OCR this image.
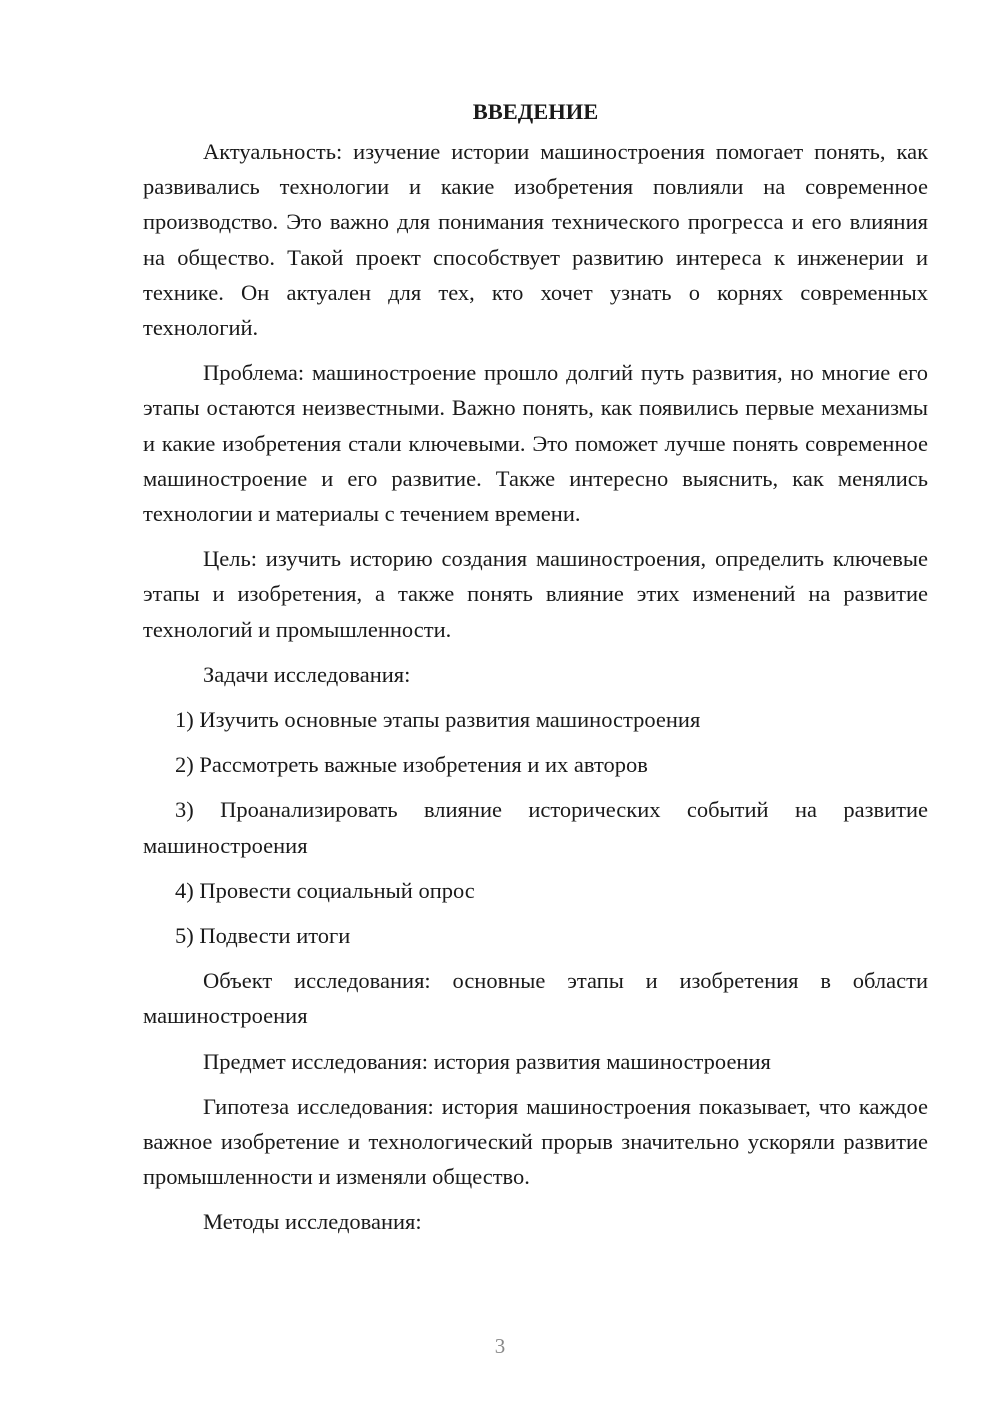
ВВЕДЕНИЕ

Актуальность: изучение истории машиностроения помогает понять, как развивались технологии и какие изобретения повлияли на современное производство. Это важно для понимания технического прогресса и его влияния на общество. Такой проект способствует развитию интереса к инженерии и технике. Он актуален для тех, кто хочет узнать о корнях современных технологий.

Проблема: машиностроение прошло долгий путь развития, но многие его этапы остаются неизвестными. Важно понять, как появились первые механизмы и какие изобретения стали ключевыми. Это поможет лучше понять современное машиностроение и его развитие. Также интересно выяснить, как менялись технологии и материалы с течением времени.

Цель: изучить историю создания машиностроения, определить ключевые этапы и изобретения, а также понять влияние этих изменений на развитие технологий и промышленности.

Задачи исследования:

1) Изучить основные этапы развития машиностроения

2) Рассмотреть важные изобретения и их авторов

3) Проанализировать влияние исторических событий на развитие машиностроения

4) Провести социальный опрос

5) Подвести итоги

Объект исследования: основные этапы и изобретения в области машиностроения

Предмет исследования: история развития машиностроения

Гипотеза исследования: история машиностроения показывает, что каждое важное изобретение и технологический прорыв значительно ускоряли развитие промышленности и изменяли общество.

Методы исследования:

3
